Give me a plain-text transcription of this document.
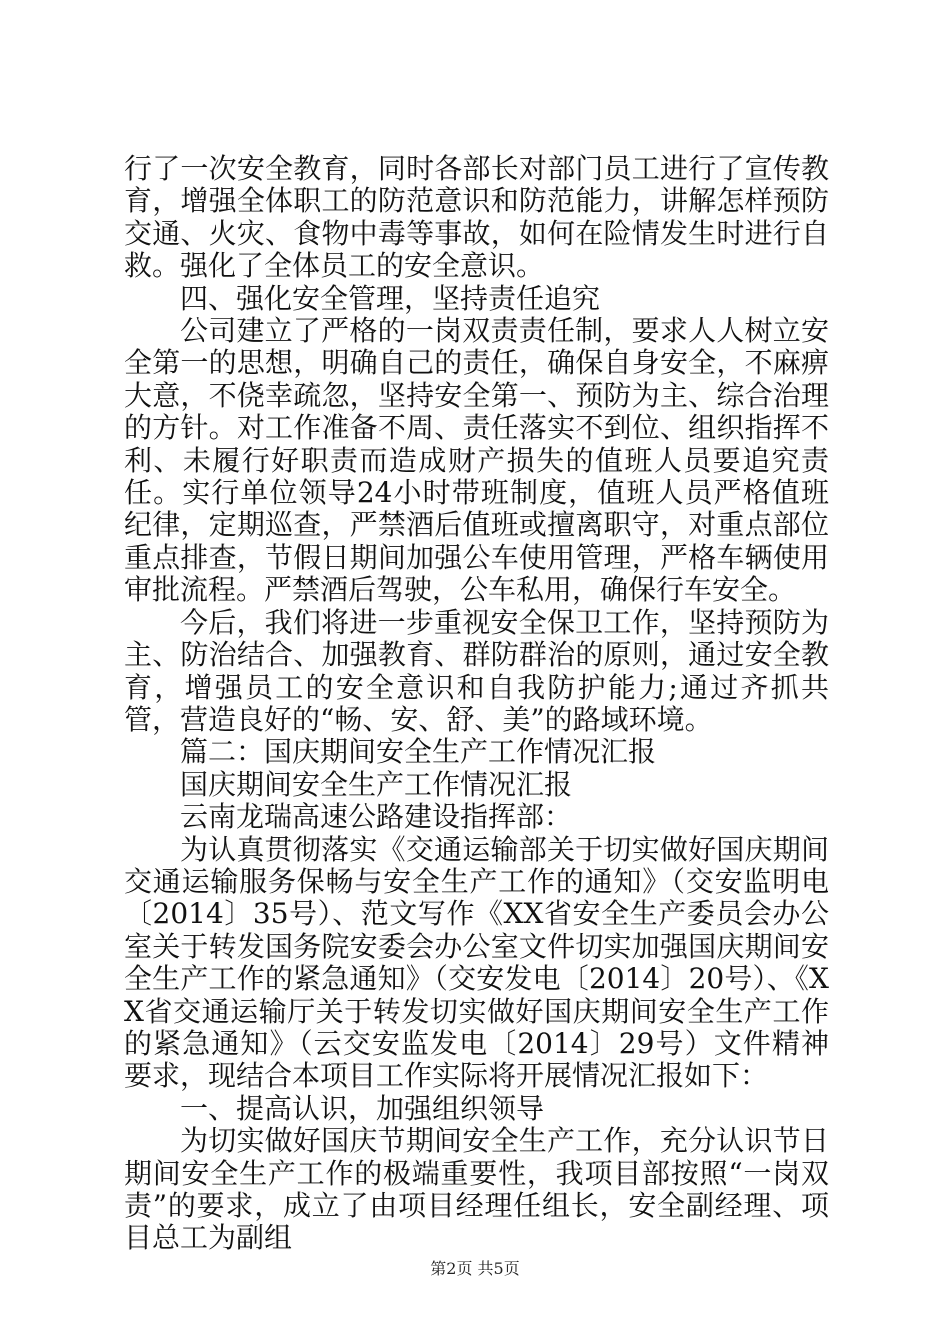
行了一次安全教育，同时各部长对部门员工进行了宣传教育，增强全体职工的防范意识和防范能力，讲解怎样预防交通、火灾、食物中毒等事故，如何在险情发生时进行自救。强化了全体员工的安全意识。

四、强化安全管理，坚持责任追究

公司建立了严格的一岗双责责任制，要求人人树立安全第一的思想，明确自己的责任，确保自身安全，不麻痹大意，不侥幸疏忽，坚持安全第一、预防为主、综合治理的方针。对工作准备不周、责任落实不到位、组织指挥不利、未履行好职责而造成财产损失的值班人员要追究责任。实行单位领导24小时带班制度，值班人员严格值班纪律，定期巡查，严禁酒后值班或擅离职守，对重点部位重点排查，节假日期间加强公车使用管理，严格车辆使用审批流程。严禁酒后驾驶，公车私用，确保行车安全。

今后，我们将进一步重视安全保卫工作，坚持预防为主、防治结合、加强教育、群防群治的原则，通过安全教育，增强员工的安全意识和自我防护能力;通过齐抓共管，营造良好的“畅、安、舒、美”的路域环境。

篇二：国庆期间安全生产工作情况汇报

国庆期间安全生产工作情况汇报

云南龙瑞高速公路建设指挥部：

为认真贯彻落实《交通运输部关于切实做好国庆期间交通运输服务保畅与安全生产工作的通知》（交安监明电〔2014〕35号）、范文写作《XX省安全生产委员会办公室关于转发国务院安委会办公室文件切实加强国庆期间安全生产工作的紧急通知》（交安发电〔2014〕20号）、《XX省交通运输厅关于转发切实做好国庆期间安全生产工作的紧急通知》（云交安监发电〔2014〕29号）文件精神要求，现结合本项目工作实际将开展情况汇报如下：

一、提高认识，加强组织领导

为切实做好国庆节期间安全生产工作，充分认识节日期间安全生产工作的极端重要性，我项目部按照“一岗双责”的要求，成立了由项目经理任组长，安全副经理、项目总工为副组

第2页 共5页
